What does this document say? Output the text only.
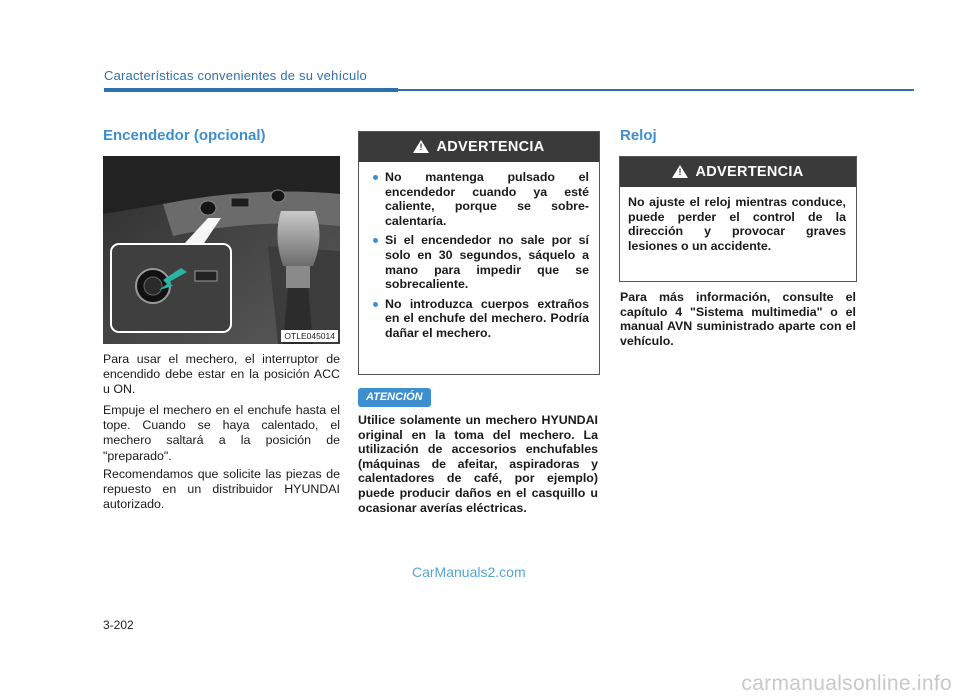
Características convenientes de su vehículo
Encendedor (opcional)
OTLE045014

Para usar el mechero, el interruptor de encendido debe estar en la posición ACC u ON.

Empuje el mechero en el enchufe hasta el tope. Cuando se haya calentado, el mechero saltará a la posición de "preparado".

Recomendamos que solicite las piezas de repuesto en un distribuidor HYUNDAI autorizado.

! ADVERTENCIA
No mantenga pulsado el encendedor cuando ya esté caliente, porque se sobre-calentaría.
Si el encendedor no sale por sí solo en 30 segundos, sáquelo a mano para impedir que se sobrecaliente.
No introduzca cuerpos extraños en el enchufe del mechero. Podría dañar el mechero.
ATENCIÓN

Utilice solamente un mechero HYUNDAI original en la toma del mechero. La utilización de accesorios enchufables (máquinas de afeitar, aspiradoras y calentadores de café, por ejemplo) puede producir daños en el casquillo u ocasionar averías eléctricas.

Reloj
! ADVERTENCIA
No ajuste el reloj mientras conduce, puede perder el control de la dirección y provocar graves lesiones o un accidente.

Para más información, consulte el capítulo 4 "Sistema multimedia" o el manual AVN suministrado aparte con el vehículo.

CarManuals2.com
3-202
carmanualsonline.info
